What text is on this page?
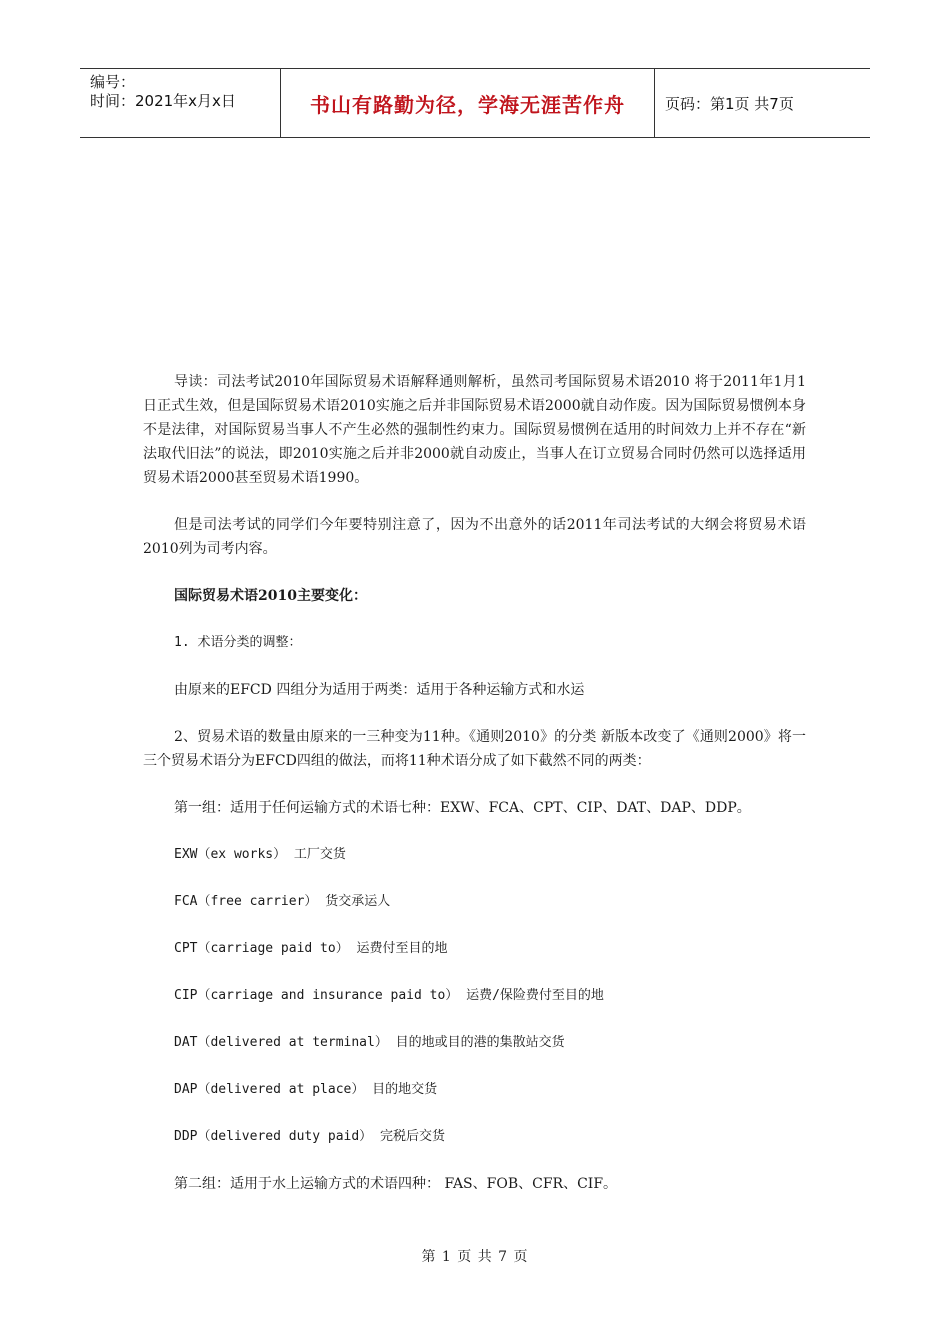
编号：
时间：2021年x月x日	书山有路勤为径，学海无涯苦作舟	页码：第1页 共7页

导读：司法考试2010年国际贸易术语解释通则解析，虽然司考国际贸易术语2010 将于2011年1月1日正式生效，但是国际贸易术语2010实施之后并非国际贸易术语2000就自动作废。因为国际贸易惯例本身不是法律，对国际贸易当事人不产生必然的强制性约束力。国际贸易惯例在适用的时间效力上并不存在“新法取代旧法”的说法，即2010实施之后并非2000就自动废止，当事人在订立贸易合同时仍然可以选择适用贸易术语2000甚至贸易术语1990。

但是司法考试的同学们今年要特别注意了，因为不出意外的话2011年司法考试的大纲会将贸易术语2010列为司考内容。

国际贸易术语2010主要变化：

1. 术语分类的调整：

由原来的EFCD 四组分为适用于两类：适用于各种运输方式和水运

2、贸易术语的数量由原来的一三种变为11种。《通则2010》的分类 新版本改变了《通则2000》将一三个贸易术语分为EFCD四组的做法，而将11种术语分成了如下截然不同的两类：

第一组：适用于任何运输方式的术语七种：EXW、FCA、CPT、CIP、DAT、DAP、DDP。

EXW（ex works） 工厂交货

FCA（free carrier） 货交承运人

CPT（carriage paid to） 运费付至目的地

CIP（carriage and insurance paid to） 运费/保险费付至目的地

DAT（delivered at terminal） 目的地或目的港的集散站交货

DAP（delivered at place） 目的地交货

DDP（delivered duty paid） 完税后交货

第二组：适用于水上运输方式的术语四种： FAS、FOB、CFR、CIF。

第 1 页 共 7 页
